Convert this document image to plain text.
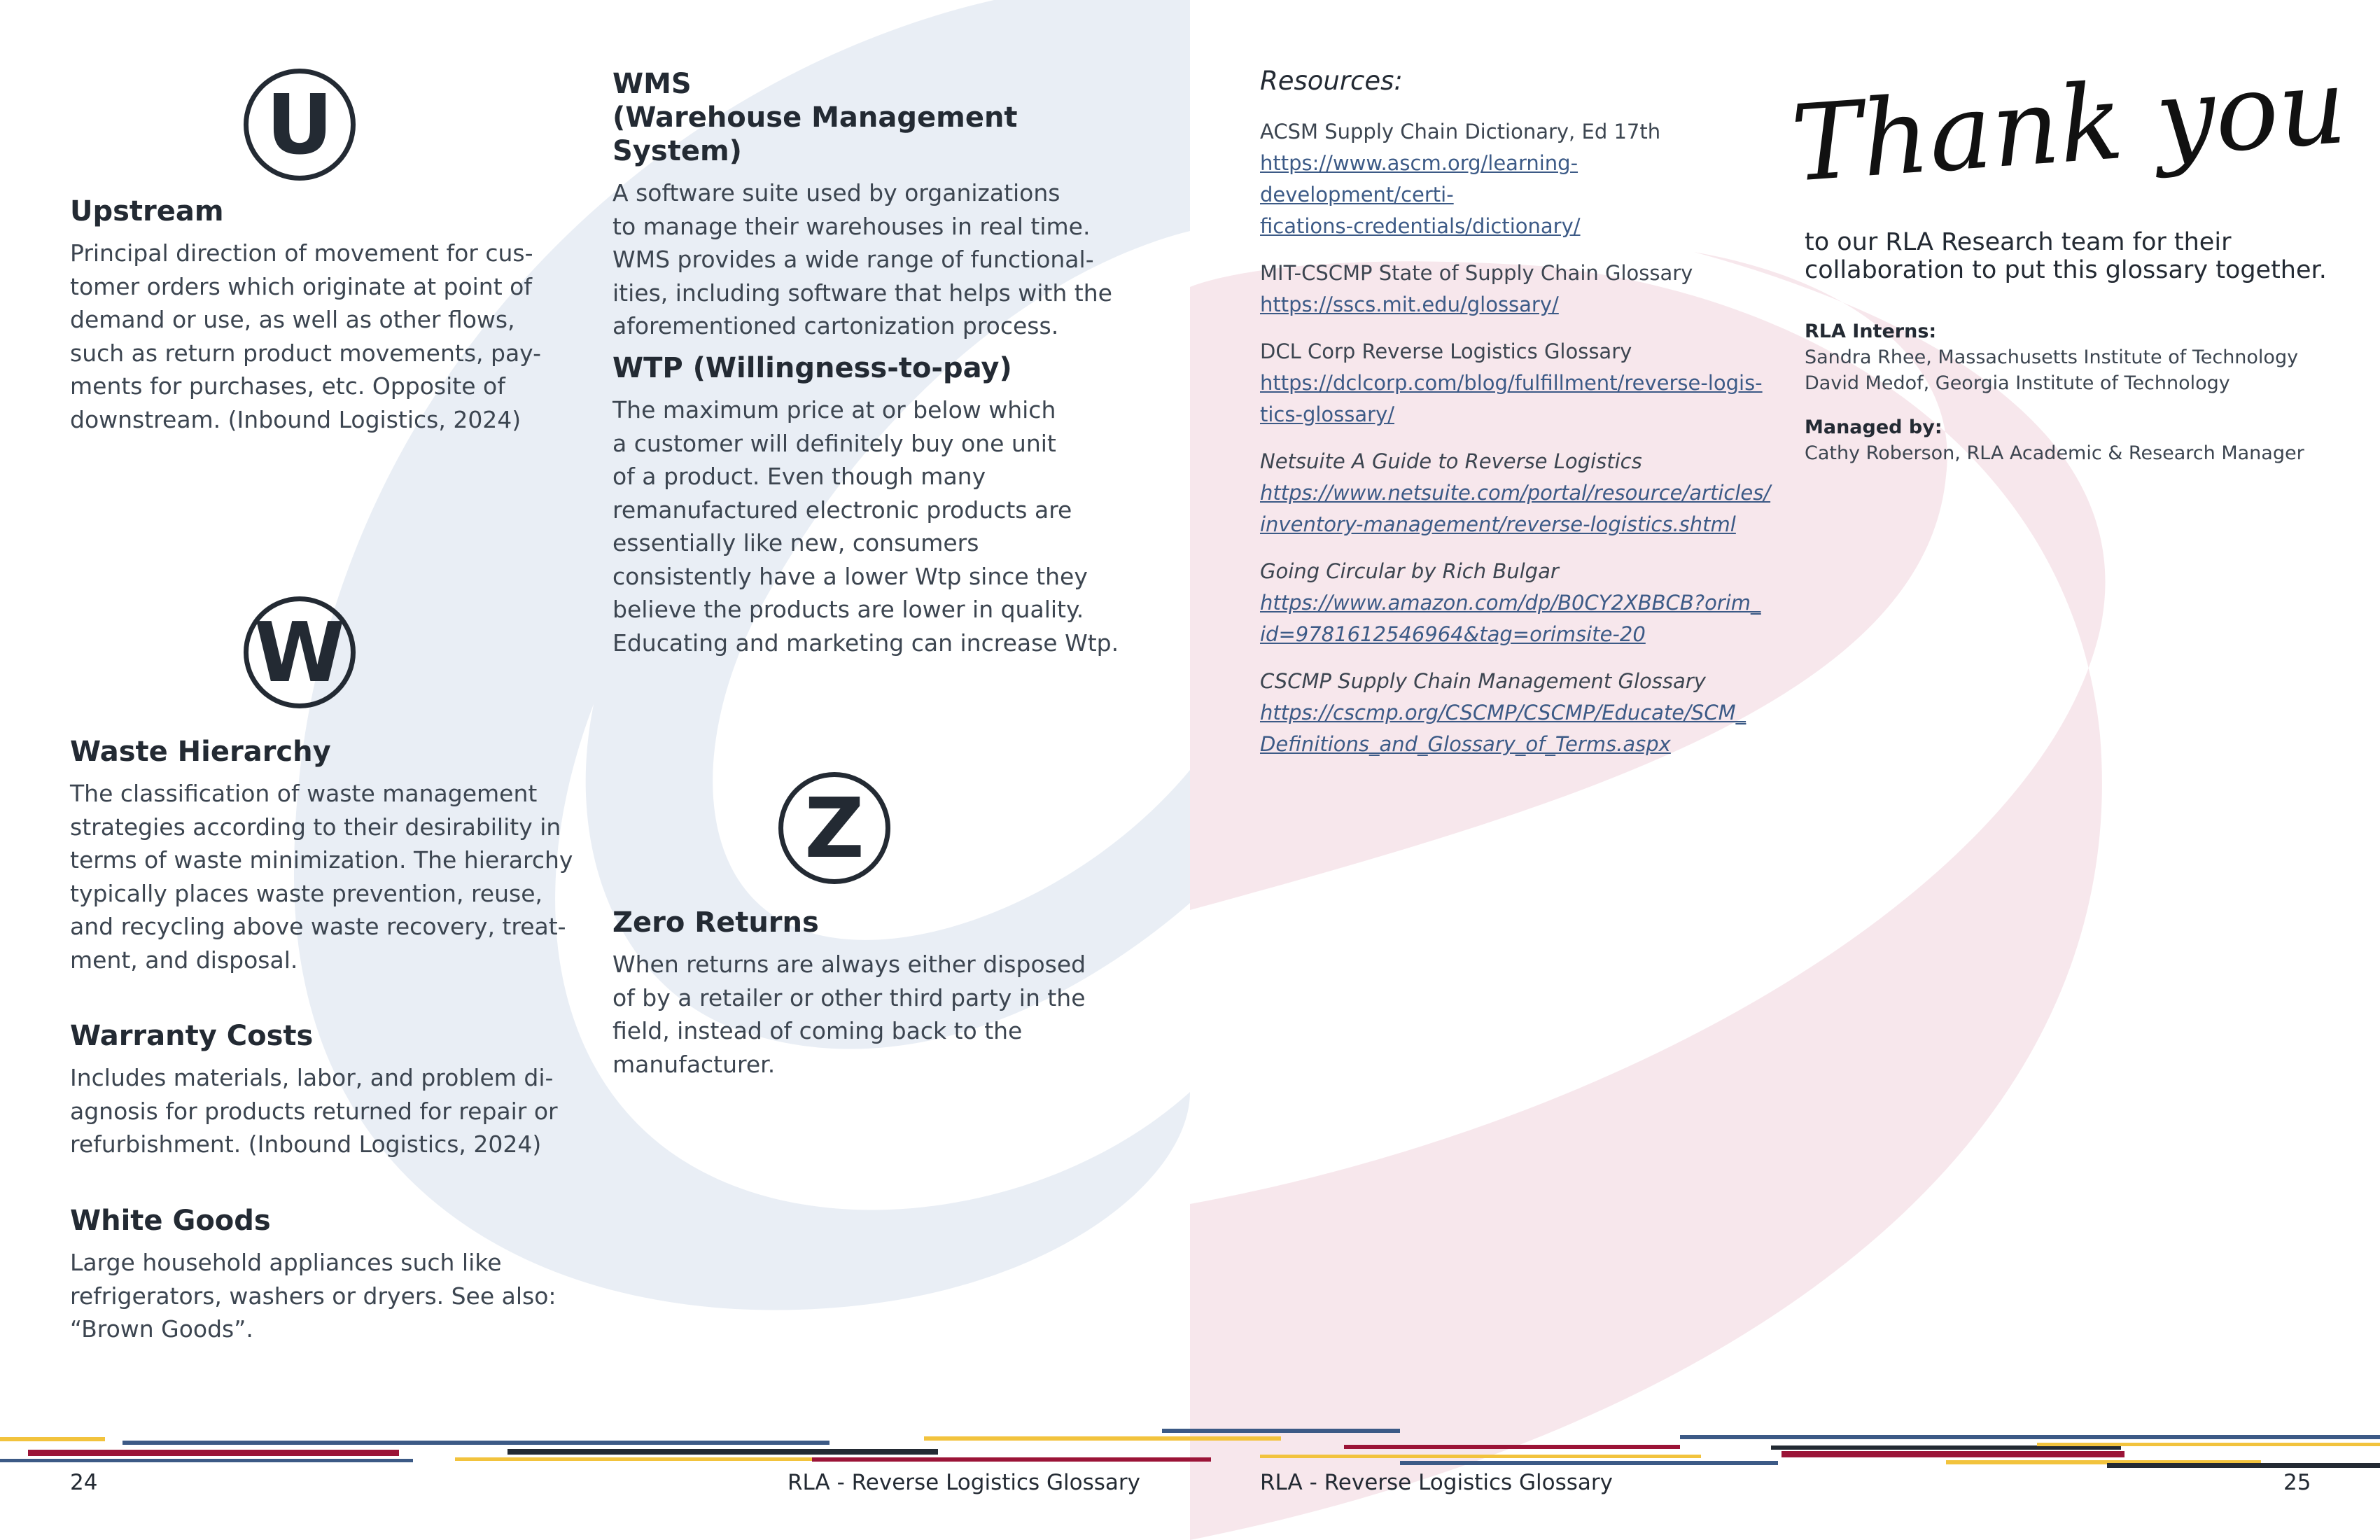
U

Upstream

Principal direction of movement for cus-
tomer orders which originate at point of
demand or use, as well as other flows,
such as return product movements, pay-
ments for purchases, etc. Opposite of
downstream. (Inbound Logistics, 2024)

W

Waste Hierarchy

The classification of waste management
strategies according to their desirability in
terms of waste minimization. The hierarchy
typically places waste prevention, reuse,
and recycling above waste recovery, treat-
ment, and disposal.

Warranty Costs

Includes materials, labor, and problem di-
agnosis for products returned for repair or
refurbishment. (Inbound Logistics, 2024)

White Goods

Large household appliances such like
refrigerators, washers or dryers. See also:
“Brown Goods”.

WMS
(Warehouse Management System)

A software suite used by organizations
to manage their warehouses in real time.
WMS provides a wide range of functional-
ities, including software that helps with the
aforementioned cartonization process.

WTP (Willingness-to-pay)

The maximum price at or below which
a customer will definitely buy one unit
of a product. Even though many
remanufactured electronic products are
essentially like new, consumers
consistently have a lower Wtp since they
believe the products are lower in quality.
Educating and marketing can increase Wtp.

Z

Zero Returns

When returns are always either disposed
of by a retailer or other third party in the
field, instead of coming back to the
manufacturer.

24	RLA - Reverse Logistics Glossary
Resources:

ACSM Supply Chain Dictionary, Ed 17th

https://www.ascm.org/learning-development/certi-
fications-credentials/dictionary/

MIT-CSCMP State of Supply Chain Glossary

https://sscs.mit.edu/glossary/

DCL Corp Reverse Logistics Glossary

https://dclcorp.com/blog/fulfillment/reverse-logis-
tics-glossary/

Netsuite A Guide to Reverse Logistics

https://www.netsuite.com/portal/resource/articles/
inventory-management/reverse-logistics.shtml

Going Circular by Rich Bulgar

https://www.amazon.com/dp/B0CY2XBBCB?orim_
id=9781612546964&tag=orimsite-20

CSCMP Supply Chain Management Glossary

https://cscmp.org/CSCMP/CSCMP/Educate/SCM_
Definitions_and_Glossary_of_Terms.aspx

Thank you
to our RLA Research team for their
collaboration to put this glossary together.

RLA Interns:

Sandra Rhee, Massachusetts Institute of Technology

David Medof, Georgia Institute of Technology

Managed by:

Cathy Roberson, RLA Academic & Research Manager

RLA - Reverse Logistics Glossary	25
